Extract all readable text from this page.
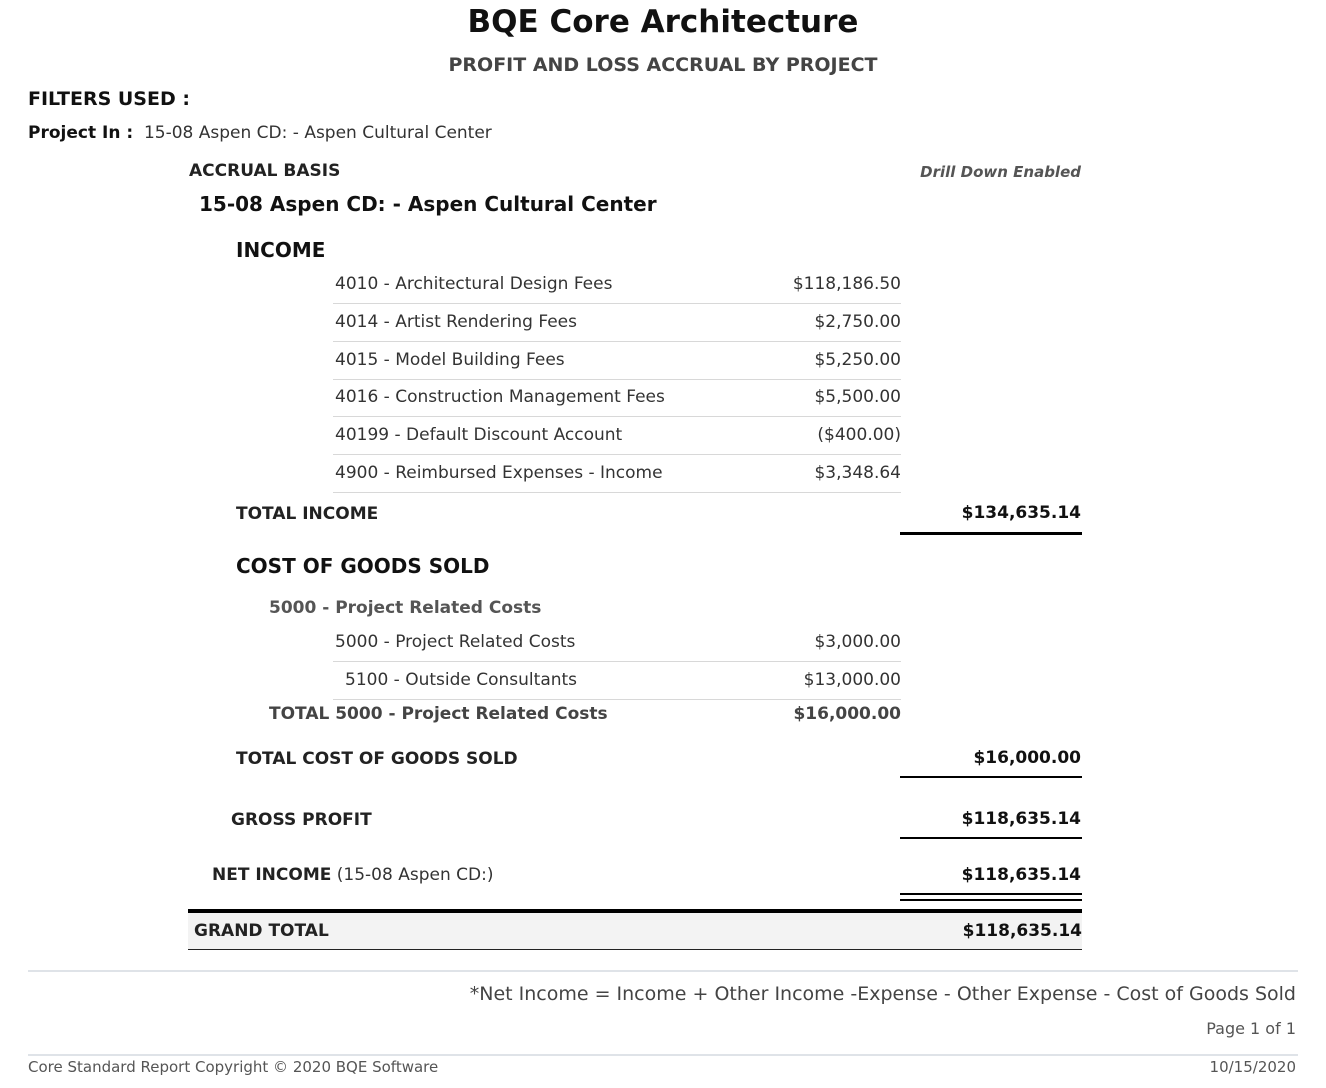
BQE Core Architecture
PROFIT AND LOSS ACCRUAL BY PROJECT
FILTERS USED :
Project In : 15-08 Aspen CD: - Aspen Cultural Center
ACCRUAL BASIS	Drill Down Enabled
15-08 Aspen CD: - Aspen Cultural Center
INCOME
4010 - Architectural Design Fees	$118,186.50
4014 - Artist Rendering Fees	$2,750.00
4015 - Model Building Fees	$5,250.00
4016 - Construction Management Fees	$5,500.00
40199 - Default Discount Account	($400.00)
4900 - Reimbursed Expenses - Income	$3,348.64
TOTAL INCOME	$134,635.14
COST OF GOODS SOLD
5000 - Project Related Costs
5000 - Project Related Costs	$3,000.00
5100 - Outside Consultants	$13,000.00
TOTAL 5000 - Project Related Costs	$16,000.00
TOTAL COST OF GOODS SOLD	$16,000.00
GROSS PROFIT	$118,635.14
NET INCOME (15-08 Aspen CD:)	$118,635.14
GRAND TOTAL	$118,635.14
*Net Income = Income + Other Income -Expense - Other Expense - Cost of Goods Sold
Page 1 of 1
Core Standard Report Copyright © 2020 BQE Software	10/15/2020
